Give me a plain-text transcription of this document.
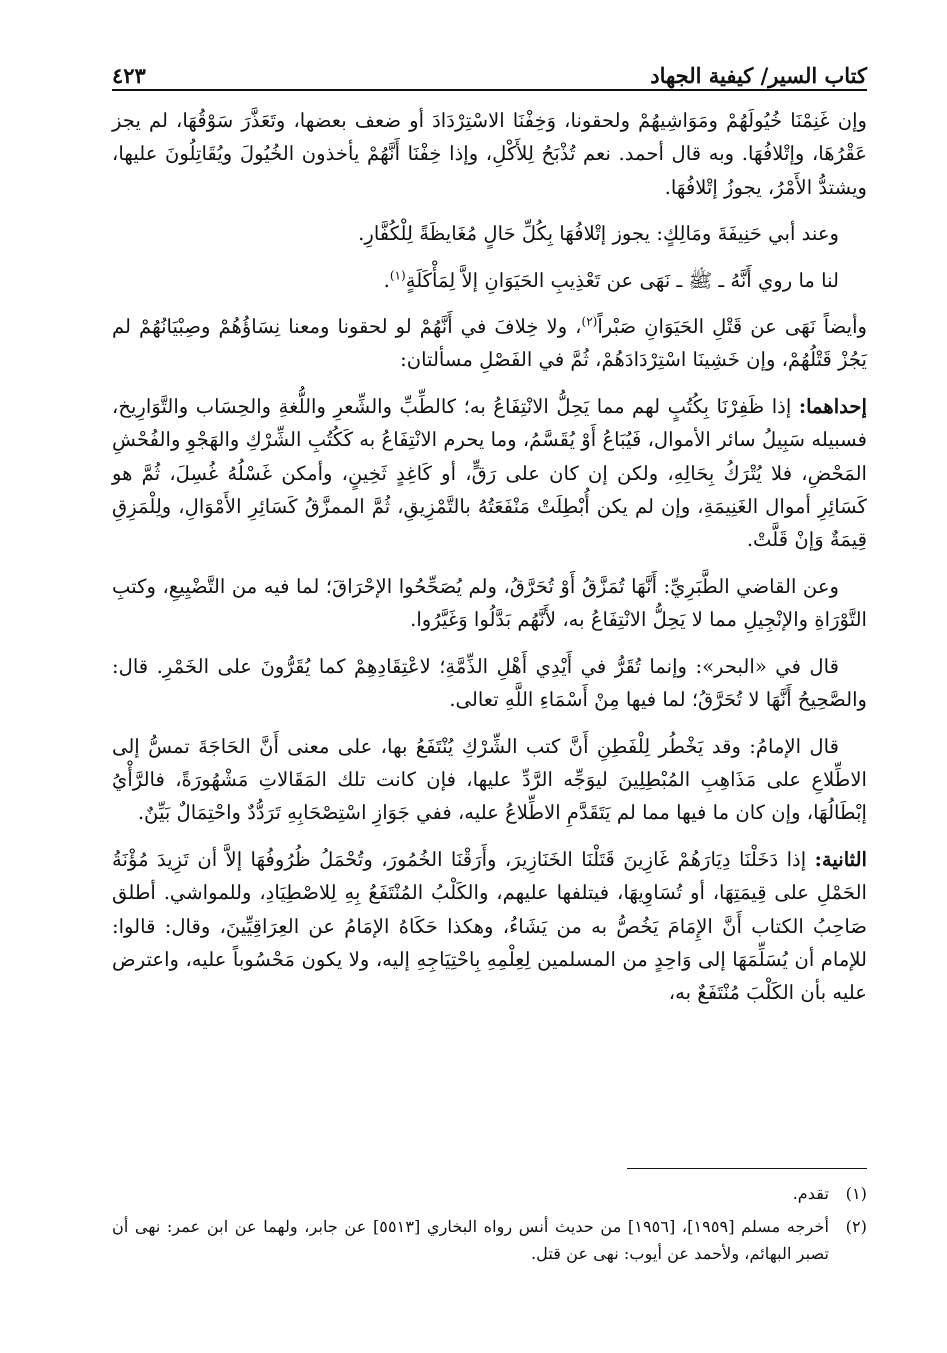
كتاب السير/ كيفية الجهاد
٤٢٣

وإن غَنِمْنَا خُيُولَهُمْ ومَوَاشِيهُمْ ولحقونا، وَخِفْنَا الاسْتِرْدَادَ أو ضعف بعضها، وتَعَذَّرَ سَوْقُهَا، لم يجز عَقْرُهَا، وإتْلافُهَا. وبه قال أحمد. نعم تُذْبَحُ لِلأَكْلِ، وإذا خِفْنَا أَنَّهُمْ يأخذون الخُيُولَ ويُقَاتِلُونَ عليها، ويشتدُّ الأَمْرُ، يجوزُ إتْلافُهَا.

وعند أبي حَنِيفَةَ ومَالِكٍ: يجوز إتْلافُهَا بِكُلِّ حَالٍ مُغَايظَةً لِلْكُفَّارِ.

لنا ما روي أَنَّهُ ـ ﷺ ـ نَهَى عن تَعْذِيبِ الحَيَوَانِ إلاَّ لِمَأْكَلَةٍ$^{(١)}$.

وأيضاً نَهَى عن قَتْلِ الحَيَوَانِ صَبْراً$^{(٢)}$، ولا خِلافَ في أَنَّهُمْ لو لحقونا ومعنا نِسَاؤُهُمْ وصِبْيَانُهُمْ لم يَجُزْ قَتْلُهُمْ، وإن خَشِينَا اسْتِرْدَادَهُمْ، ثُمَّ في الفَصْلِ مسألتان:

إحداهما: إذا ظَفِرْنَا بِكُتُبٍ لهم مما يَحِلُّ الانْتِفَاعُ به؛ كالطِّبِّ والشِّعرِ واللُّغةِ والحِسَاب والتَّوَارِيخ، فسبيله سَبِيلُ سائر الأموال، فَيُبَاعُ أَوْ يُقَسَّمُ، وما يحرم الانْتِفَاعُ به كَكُتُبِ الشِّرْكِ والهَجْوِ والفُحْشِ المَحْضِ، فلا يُتْرَكُ بِحَالِهِ، ولكن إن كان على رَقٍّ، أو كَاغِدٍ ثَخِينٍ، وأمكن غَسْلُهُ غُسِلَ، ثُمَّ هو كَسَائِرِ أموال الغَنِيمَةِ، وإن لم يكن أُبْطِلَتْ مَنْفَعَتُهُ بالتَّمْزِيقِ، ثُمَّ الممزَّقُ كَسَائِرِ الأَمْوَالِ، ولِلْمَزِقِ قِيمَةٌ وَإنْ قَلَّتْ.

وعن القاضي الطَّبَرِيِّ: أَنَّهَا تُمَزَّقُ أَوْ تُحَرَّقُ، ولم يُصَحِّحُوا الإحْرَاقَ؛ لما فيه من التَّضْيِيعِ، وكتبِ التَّوْرَاةِ والإنْجِيلِ مما لا يَحِلُّ الانْتِفَاعُ به، لأَنَّهُم بَدَّلُوا وَغَيَّرُوا.

قال في «البحر»: وإنما تُقَرُّ في أَيْدِي أَهْلِ الذِّمَّةِ؛ لاعْتِقَادِهِمْ كما يُقَرُّونَ على الخَمْرِ. قال: والصَّحِيحُ أَنَّهَا لا تُحَرَّقُ؛ لما فيها مِنْ أَسْمَاءِ اللَّهِ تعالى.

قال الإمامُ: وقد يَخْطُر لِلْفَطِنِ أَنَّ كتب الشِّرْكِ يُنْتَفَعُ بها، على معنى أَنَّ الحَاجَةَ تمسُّ إلى الاطِّلاعِ على مَذَاهِبِ المُبْطِلِينَ ليوَجِّه الرَّدِّ عليها، فإن كانت تلك المَقَالاتِ مَشْهُورَةً، فالرَّأْيُ إبْطَالُهَا، وإن كان ما فيها مما لم يَتَقَدَّمِ الاطِّلاعُ عليه، ففي جَوَازِ اسْتِصْحَابِهِ تَرَدُّدٌ واحْتِمَالٌ بَيِّنٌ.

الثانية: إذا دَخَلْنَا دِيَارَهُمْ غَازِينَ قَتَلْنَا الخَنَازِيرَ، وأَرَقْنَا الخُمُورَ، وتُحْمَلُ ظُرُوفُهَا إلاَّ أن تَزِيدَ مُؤْنَةُ الحَمْلِ على قِيمَتِهَا، أو تُسَاوِيهَا، فيتلفها عليهم، والكَلْبُ المُنْتَفَعُ بِهِ لِلاصْطِيَادِ، وللمواشي. أطلق صَاحِبُ الكتاب أَنَّ الإِمَامَ يَخُصُّ به من يَشَاءُ، وهكذا حَكَاهُ الإمَامُ عن العِرَاقِيِّينَ، وقال: قالوا: للإمام أن يُسَلِّمَهَا إلى وَاحِدٍ من المسلمين لِعِلْمِهِ بِاحْتِيَاجِهِ إليه، ولا يكون مَحْسُوباً عليه، واعترض عليه بأن الكَلْبَ مُنْتَفَعٌ به،

(١)
تقدم.
(٢)
أخرجه مسلم [١٩٥٩]، [١٩٥٦] من حديث أنس رواه البخاري [٥٥١٣] عن جابر، ولهما عن ابن عمر: نهى أن تصبر البهائم، ولأحمد عن أيوب: نهى عن قتل.
